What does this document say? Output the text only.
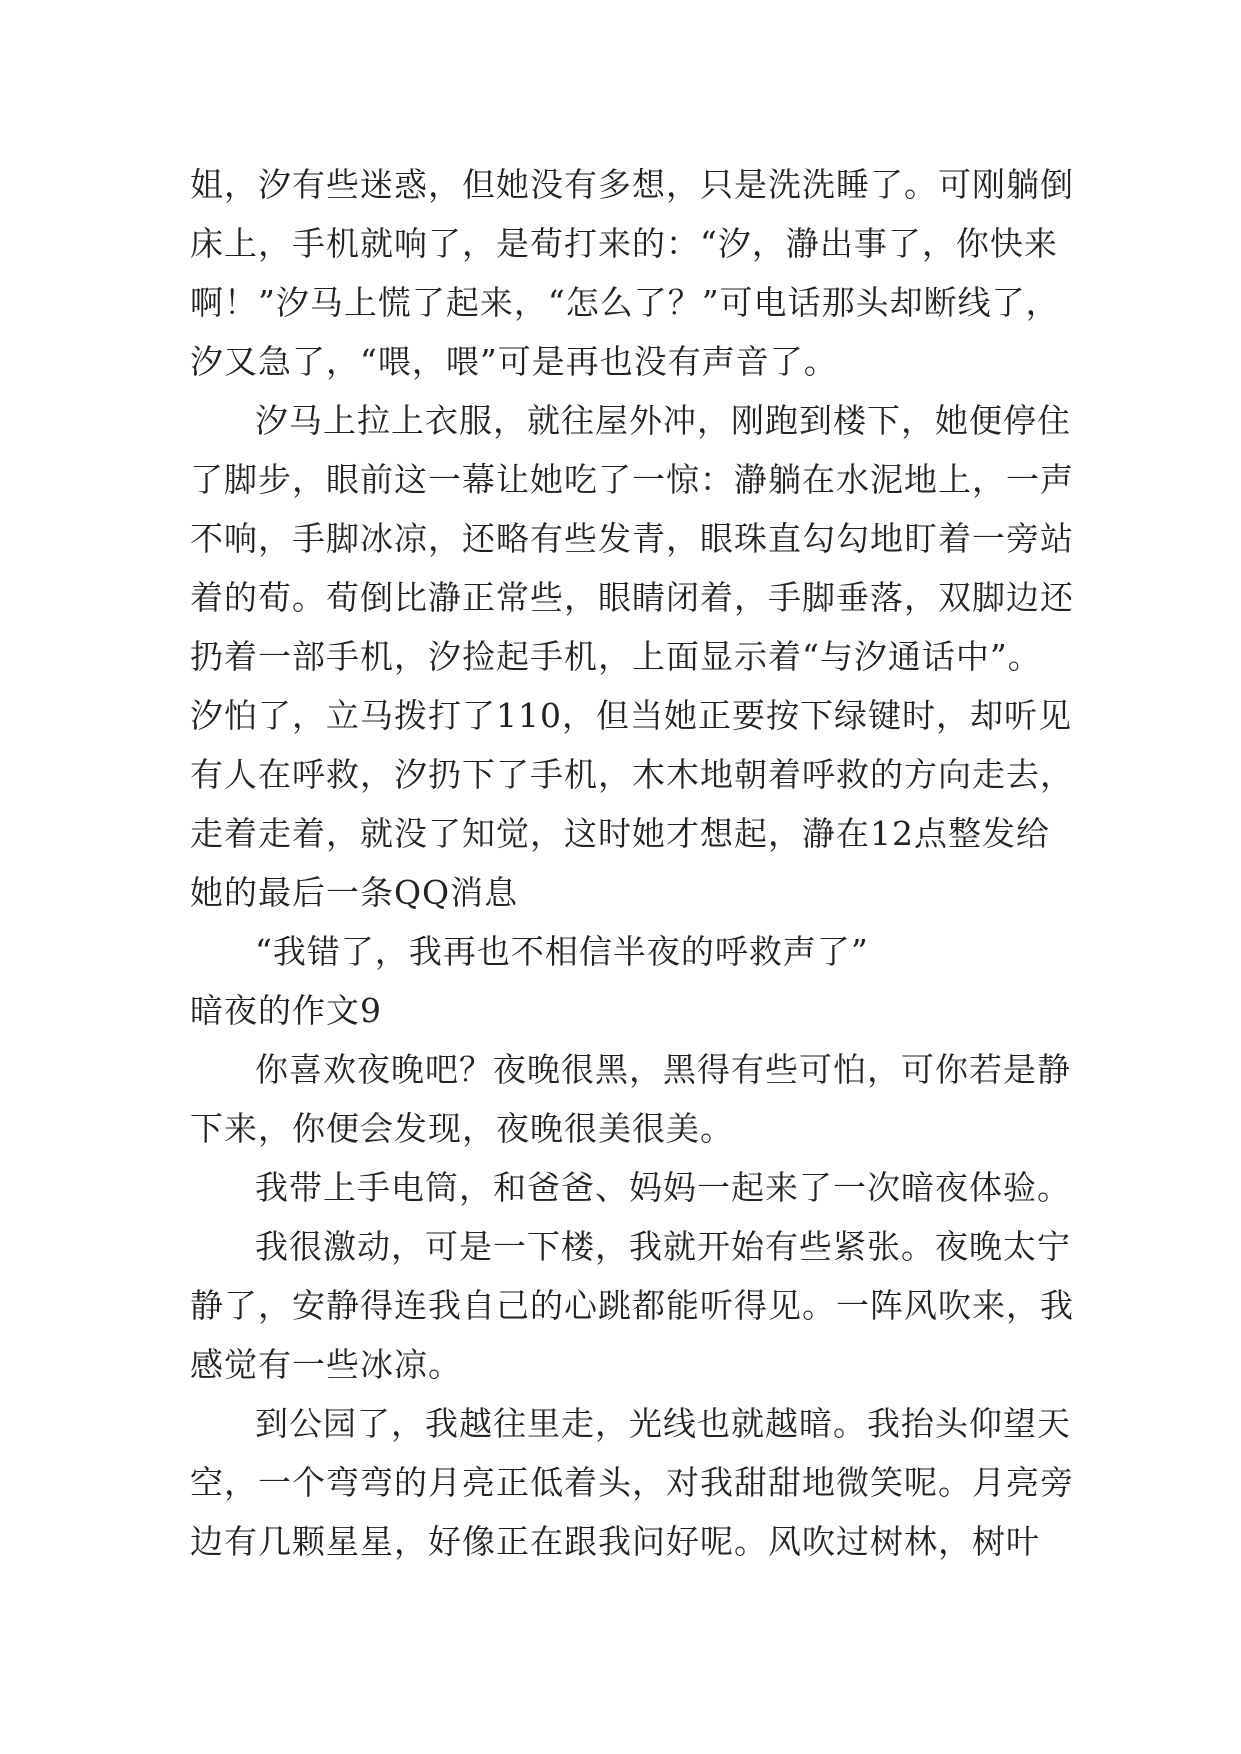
姐，汐有些迷惑，但她没有多想，只是洗洗睡了。可刚躺倒
床上，手机就响了，是荀打来的：“汐，瀞出事了，你快来
啊！”汐马上慌了起来，“怎么了？”可电话那头却断线了，
汐又急了，“喂，喂”可是再也没有声音了。
汐马上拉上衣服，就往屋外冲，刚跑到楼下，她便停住
了脚步，眼前这一幕让她吃了一惊：瀞躺在水泥地上，一声
不响，手脚冰凉，还略有些发青，眼珠直勾勾地盯着一旁站
着的荀。荀倒比瀞正常些，眼睛闭着，手脚垂落，双脚边还
扔着一部手机，汐捡起手机，上面显示着“与汐通话中”。
汐怕了，立马拨打了110，但当她正要按下绿键时，却听见
有人在呼救，汐扔下了手机，木木地朝着呼救的方向走去，
走着走着，就没了知觉，这时她才想起，瀞在12点整发给
她的最后一条QQ消息
“我错了，我再也不相信半夜的呼救声了”
暗夜的作文9
你喜欢夜晚吧？夜晚很黑，黑得有些可怕，可你若是静
下来，你便会发现，夜晚很美很美。
我带上手电筒，和爸爸、妈妈一起来了一次暗夜体验。
我很激动，可是一下楼，我就开始有些紧张。夜晚太宁
静了，安静得连我自己的心跳都能听得见。一阵风吹来，我
感觉有一些冰凉。
到公园了，我越往里走，光线也就越暗。我抬头仰望天
空，一个弯弯的月亮正低着头，对我甜甜地微笑呢。月亮旁
边有几颗星星，好像正在跟我问好呢。风吹过树林，树叶
